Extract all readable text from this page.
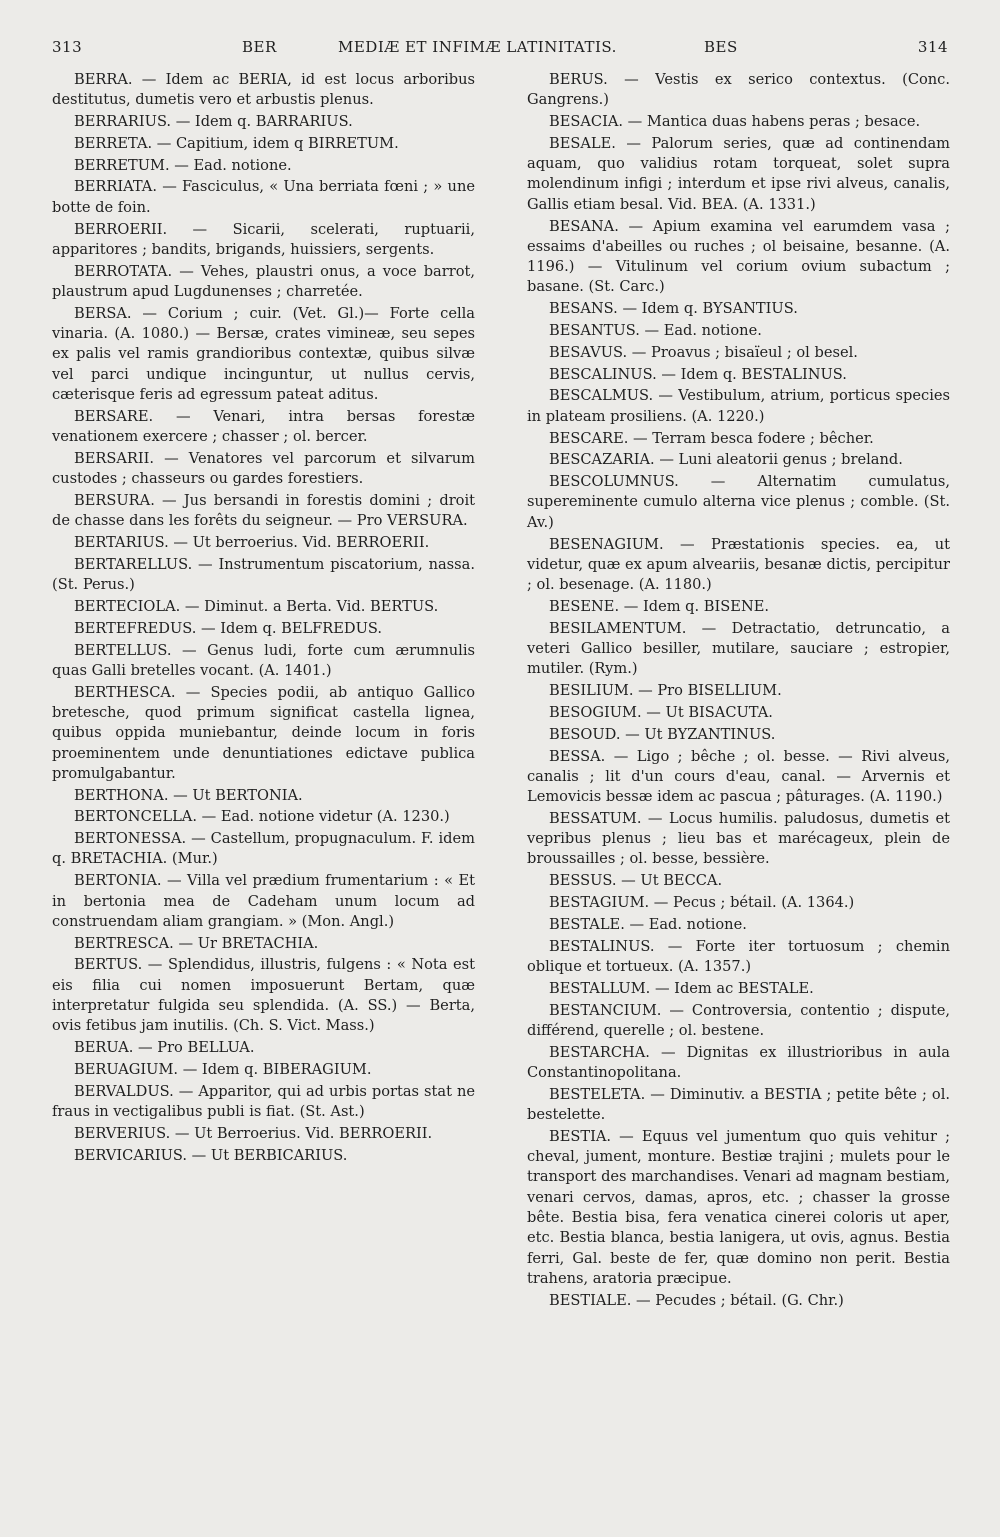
313	BER	MEDIÆ ET INFIMÆ LATINITATIS.	BES	314

BERRA. — Idem ac BERIA, id est locus arboribus destitutus, dumetis vero et arbustis plenus.

BERRARIUS. — Idem q. BARRARIUS.

BERRETA. — Capitium, idem q BIRRETUM.

BERRETUM. — Ead. notione.

BERRIATA. — Fasciculus, « Una berriata fœni ; » une botte de foin.

BERROERII. — Sicarii, scelerati, ruptuarii, apparitores ; bandits, brigands, huissiers, sergents.

BERROTATA. — Vehes, plaustri onus, a voce barrot, plaustrum apud Lugdunenses ; charretée.

BERSA. — Corium ; cuir. (Vet. Gl.)— Forte cella vinaria. (A. 1080.) — Bersæ, crates vimineæ, seu sepes ex palis vel ramis grandioribus contextæ, quibus silvæ vel parci undique incinguntur, ut nullus cervis, cæterisque feris ad egressum pateat aditus.

BERSARE. — Venari, intra bersas forestæ venationem exercere ; chasser ; ol. bercer.

BERSARII. — Venatores vel parcorum et silvarum custodes ; chasseurs ou gardes forestiers.

BERSURA. — Jus bersandi in forestis domini ; droit de chasse dans les forêts du seigneur. — Pro VERSURA.

BERTARIUS. — Ut berroerius. Vid. BERROERII.

BERTARELLUS. — Instrumentum piscatorium, nassa. (St. Perus.)

BERTECIOLA. — Diminut. a Berta. Vid. BERTUS.

BERTEFREDUS. — Idem q. BELFREDUS.

BERTELLUS. — Genus ludi, forte cum ærumnulis quas Galli bretelles vocant. (A. 1401.)

BERTHESCA. — Species podii, ab antiquo Gallico bretesche, quod primum significat castella lignea, quibus oppida muniebantur, deinde locum in foris proeminentem unde denuntiationes edictave publica promulgabantur.

BERTHONA. — Ut BERTONIA.

BERTONCELLA. — Ead. notione videtur (A. 1230.)

BERTONESSA. — Castellum, propugnaculum. F. idem q. BRETACHIA. (Mur.)

BERTONIA. — Villa vel prædium frumentarium : « Et in bertonia mea de Cadeham unum locum ad construendam aliam grangiam. » (Mon. Angl.)

BERTRESCA. — Ur BRETACHIA.

BERTUS. — Splendidus, illustris, fulgens : « Nota est eis filia cui nomen imposuerunt Bertam, quæ interpretatur fulgida seu splendida. (A. SS.) — Berta, ovis fetibus jam inutilis. (Ch. S. Vict. Mass.)

BERUA. — Pro BELLUA.

BERUAGIUM. — Idem q. BIBERAGIUM.

BERVALDUS. — Apparitor, qui ad urbis portas stat ne fraus in vectigalibus publi is fiat. (St. Ast.)

BERVERIUS. — Ut Berroerius. Vid. BERROERII.

BERVICARIUS. — Ut BERBICARIUS.

BERUS. — Vestis ex serico contextus. (Conc. Gangrens.)

BESACIA. — Mantica duas habens peras ; besace.

BESALE. — Palorum series, quæ ad continendam aquam, quo validius rotam torqueat, solet supra molendinum infigi ; interdum et ipse rivi alveus, canalis, Gallis etiam besal. Vid. BEA. (A. 1331.)

BESANA. — Apium examina vel earumdem vasa ; essaims d'abeilles ou ruches ; ol beisaine, besanne. (A. 1196.) — Vitulinum vel corium ovium subactum ; basane. (St. Carc.)

BESANS. — Idem q. BYSANTIUS.

BESANTUS. — Ead. notione.

BESAVUS. — Proavus ; bisaïeul ; ol besel.

BESCALINUS. — Idem q. BESTALINUS.

BESCALMUS. — Vestibulum, atrium, porticus species in plateam prosiliens. (A. 1220.)

BESCARE. — Terram besca fodere ; bêcher.

BESCAZARIA. — Luni aleatorii genus ; breland.

BESCOLUMNUS. — Alternatim cumulatus, supereminente cumulo alterna vice plenus ; comble. (St. Av.)

BESENAGIUM. — Præstationis species. ea, ut videtur, quæ ex apum alveariis, besanæ dictis, percipitur ; ol. besenage. (A. 1180.)

BESENE. — Idem q. BISENE.

BESILAMENTUM. — Detractatio, detruncatio, a veteri Gallico besiller, mutilare, sauciare ; estropier, mutiler. (Rym.)

BESILIUM. — Pro BISELLIUM.

BESOGIUM. — Ut BISACUTA.

BESOUD. — Ut BYZANTINUS.

BESSA. — Ligo ; bêche ; ol. besse. — Rivi alveus, canalis ; lit d'un cours d'eau, canal. — Arvernis et Lemovicis bessæ idem ac pascua ; pâturages. (A. 1190.)

BESSATUM. — Locus humilis. paludosus, dumetis et vepribus plenus ; lieu bas et marécageux, plein de broussailles ; ol. besse, bessière.

BESSUS. — Ut BECCA.

BESTAGIUM. — Pecus ; bétail. (A. 1364.)

BESTALE. — Ead. notione.

BESTALINUS. — Forte iter tortuosum ; chemin oblique et tortueux. (A. 1357.)

BESTALLUM. — Idem ac BESTALE.

BESTANCIUM. — Controversia, contentio ; dispute, différend, querelle ; ol. bestene.

BESTARCHA. — Dignitas ex illustrioribus in aula Constantinopolitana.

BESTELETA. — Diminutiv. a BESTIA ; petite bête ; ol. bestelette.

BESTIA. — Equus vel jumentum quo quis vehitur ; cheval, jument, monture. Bestiæ trajini ; mulets pour le transport des marchandises. Venari ad magnam bestiam, venari cervos, damas, apros, etc. ; chasser la grosse bête. Bestia bisa, fera venatica cinerei coloris ut aper, etc. Bestia blanca, bestia lanigera, ut ovis, agnus. Bestia ferri, Gal. beste de fer, quæ domino non perit. Bestia trahens, aratoria præcipue.

BESTIALE. — Pecudes ; bétail. (G. Chr.)
